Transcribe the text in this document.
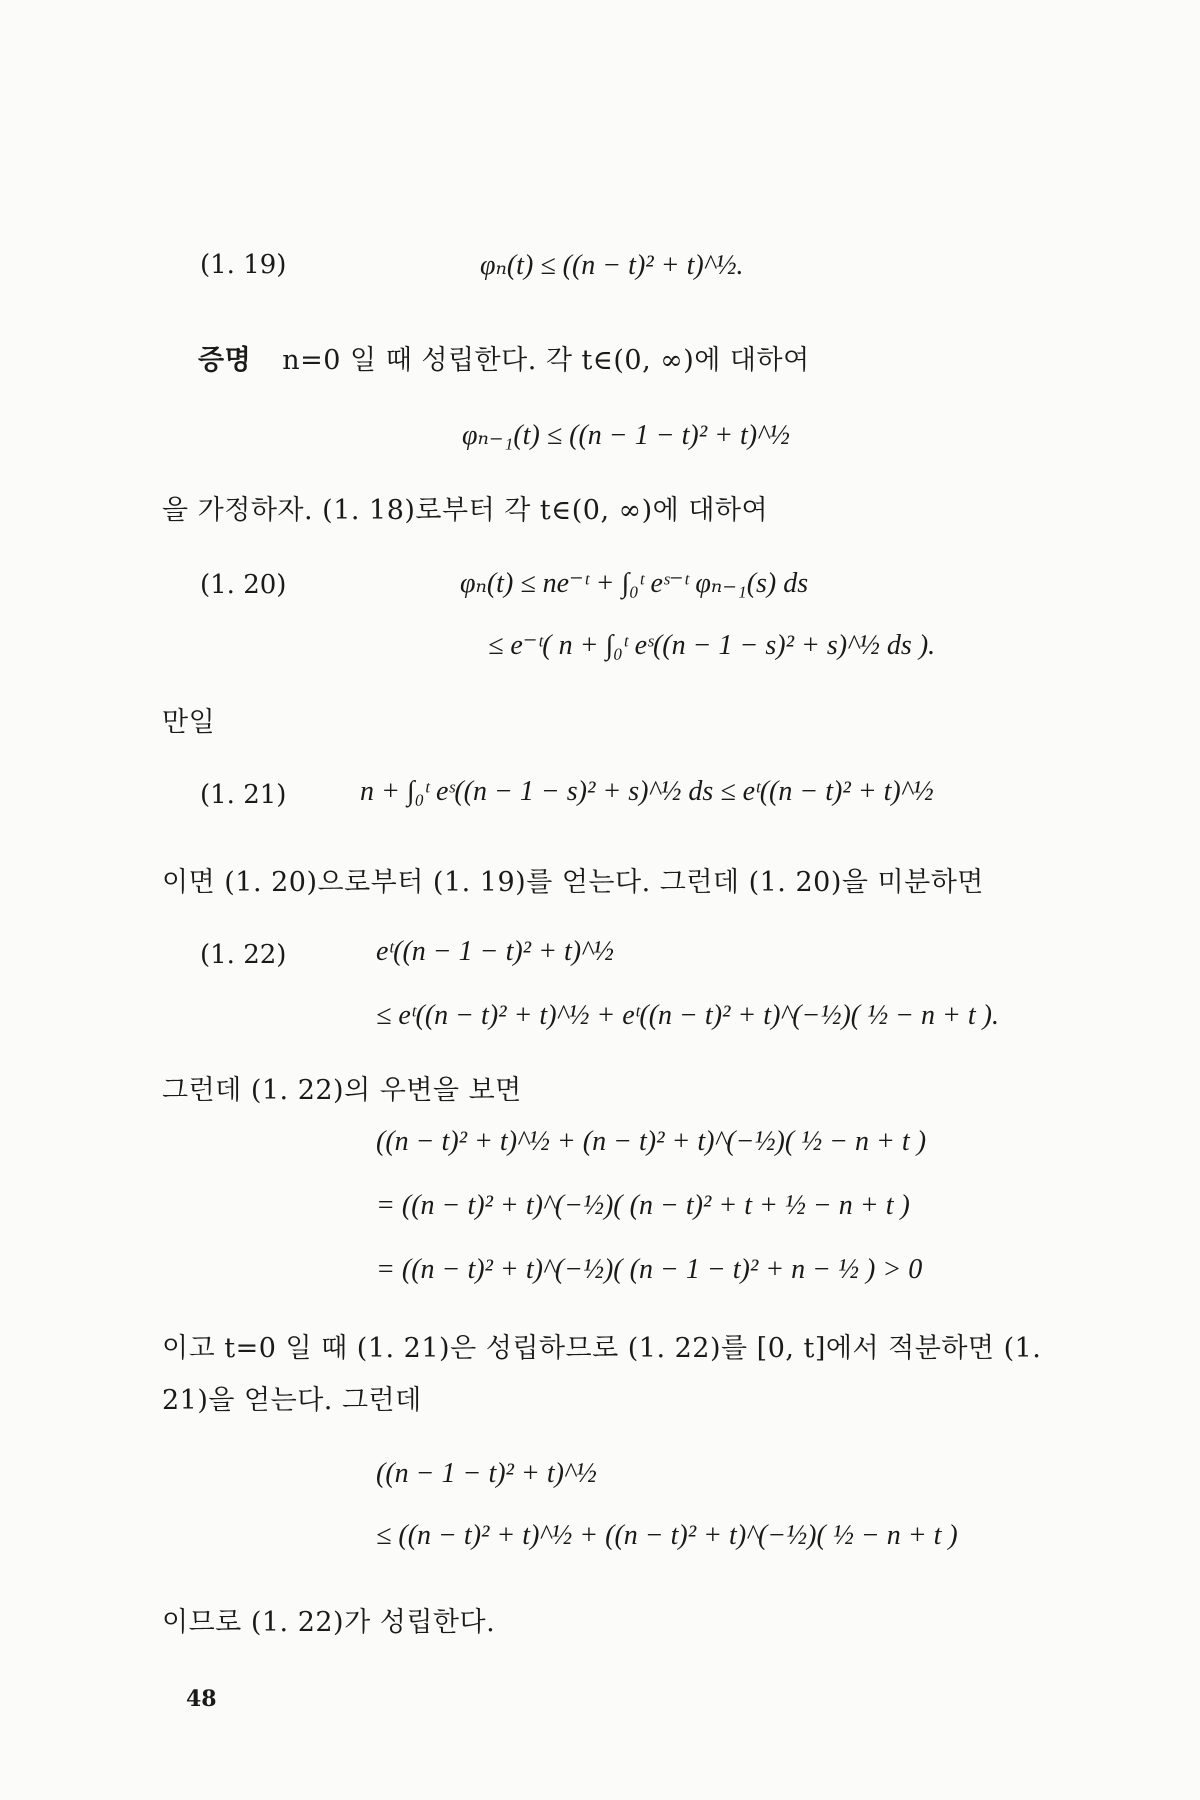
(1. 19)	φₙ(t) ≤ ((n − t)² + t)^½.
증명 n=0 일 때 성립한다. 각 t∈(0, ∞)에 대하여
φₙ₋₁(t) ≤ ((n − 1 − t)² + t)^½
을 가정하자. (1. 18)로부터 각 t∈(0, ∞)에 대하여
(1. 20)	φₙ(t) ≤ ne⁻ᵗ + ∫₀ᵗ eˢ⁻ᵗ φₙ₋₁(s) ds
≤ e⁻ᵗ( n + ∫₀ᵗ eˢ((n − 1 − s)² + s)^½ ds ).
만일
(1. 21)	n + ∫₀ᵗ eˢ((n − 1 − s)² + s)^½ ds ≤ eᵗ((n − t)² + t)^½
이면 (1. 20)으로부터 (1. 19)를 얻는다. 그런데 (1. 20)을 미분하면
(1. 22)	eᵗ((n − 1 − t)² + t)^½
≤ eᵗ((n − t)² + t)^½ + eᵗ((n − t)² + t)^(−½)( ½ − n + t ).
그런데 (1. 22)의 우변을 보면
((n − t)² + t)^½ + (n − t)² + t)^(−½)( ½ − n + t )
= ((n − t)² + t)^(−½)( (n − t)² + t + ½ − n + t )
= ((n − t)² + t)^(−½)( (n − 1 − t)² + n − ½ ) > 0
이고 t=0 일 때 (1. 21)은 성립하므로 (1. 22)를 [0, t]에서 적분하면 (1.
21)을 얻는다. 그런데
((n − 1 − t)² + t)^½
≤ ((n − t)² + t)^½ + ((n − t)² + t)^(−½)( ½ − n + t )
이므로 (1. 22)가 성립한다.
48
